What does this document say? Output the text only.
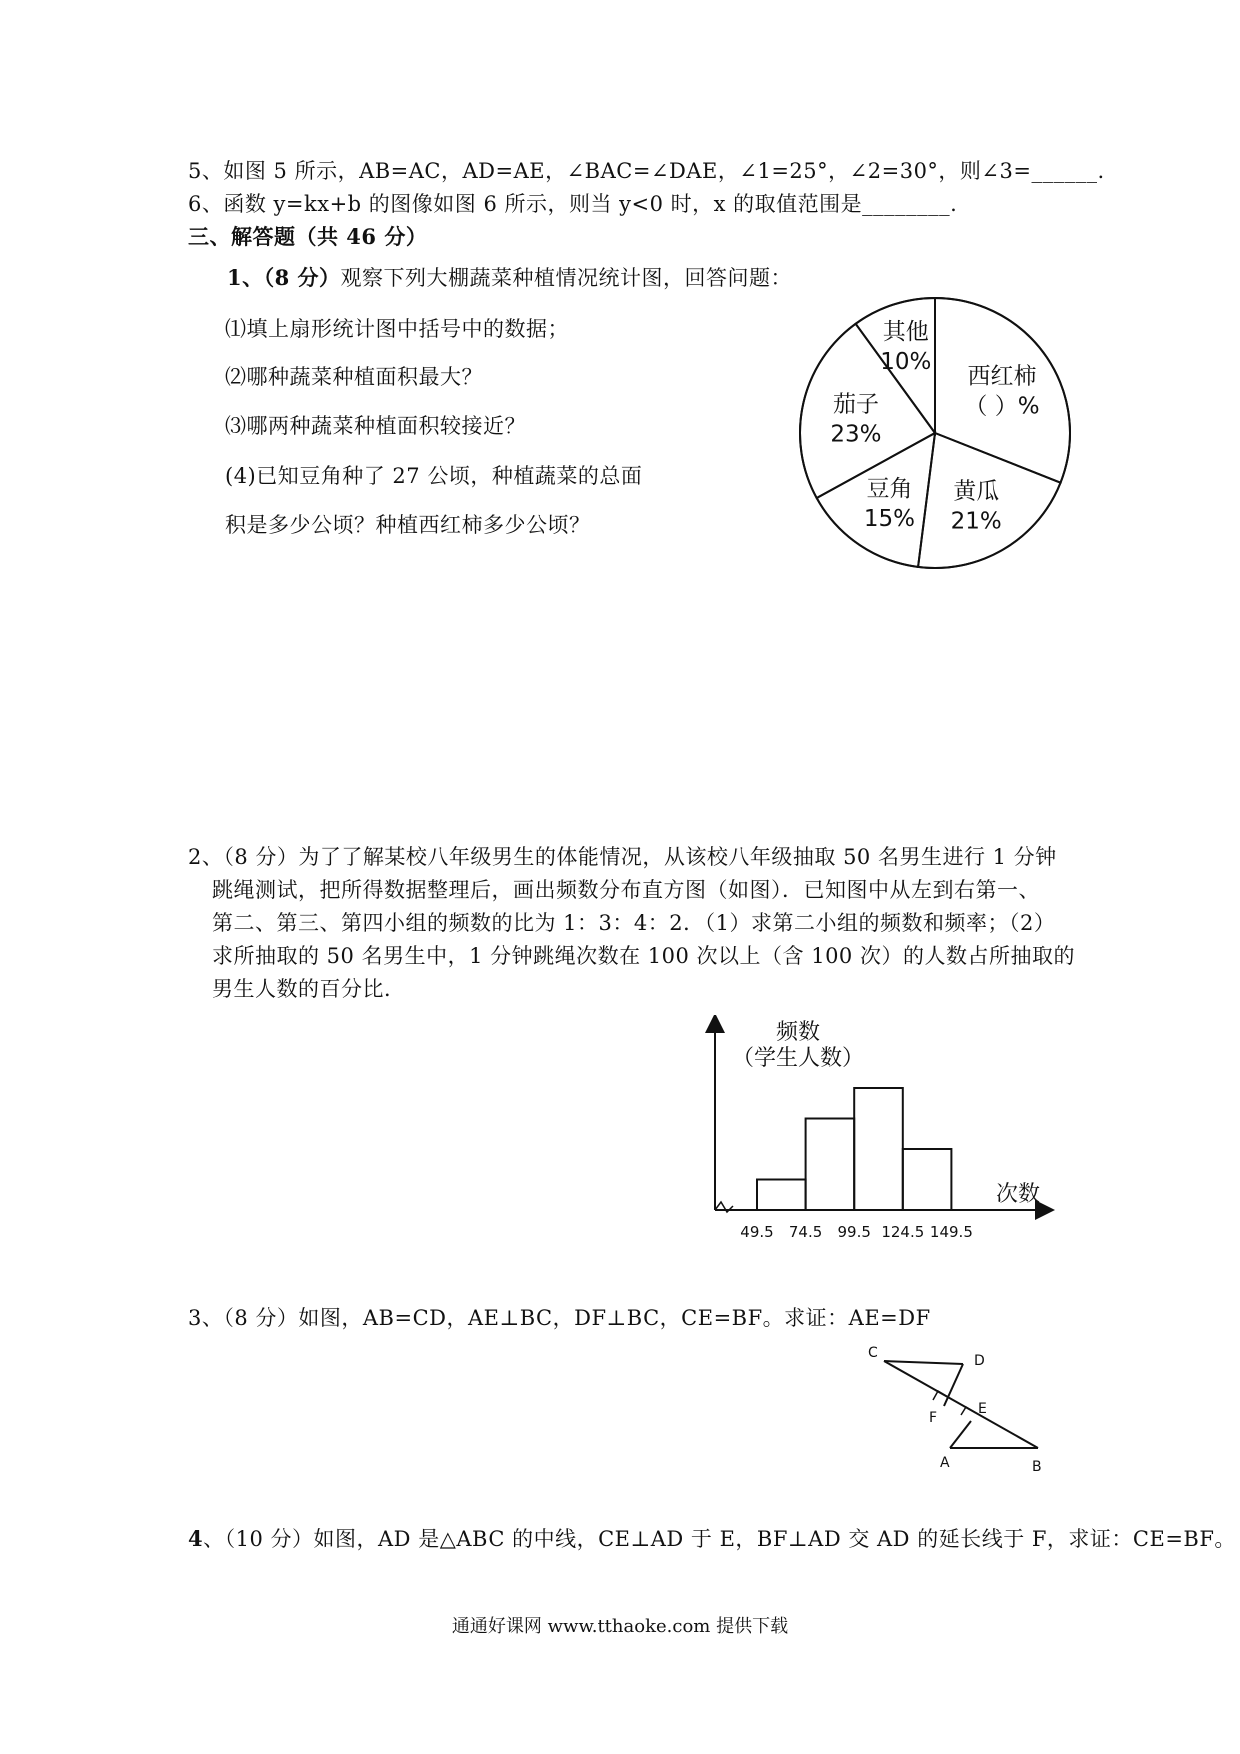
5、如图 5 所示，AB=AC，AD=AE，∠BAC=∠DAE，∠1=25°，∠2=30°，则∠3=______.
6、函数 y=kx+b 的图像如图 6 所示，则当 y<0 时，x 的取值范围是________.
三、解答题（共 46 分）
1、（8 分）观察下列大棚蔬菜种植情况统计图，回答问题：
⑴填上扇形统计图中括号中的数据；
⑵哪种蔬菜种植面积最大？
⑶哪两种蔬菜种植面积较接近？
(4)已知豆角种了 27 公顷，种植蔬菜的总面
积是多少公顷？种植西红柿多少公顷？
西红柿
（ ）%
黄瓜
21%
豆角
15%
茄子
23%
其他
10%
2、（8 分）为了了解某校八年级男生的体能情况，从该校八年级抽取 50 名男生进行 1 分钟
跳绳测试，把所得数据整理后，画出频数分布直方图（如图）．已知图中从左到右第一、
第二、第三、第四小组的频数的比为 1：3：4：2．（1）求第二小组的频数和频率；（2）
求所抽取的 50 名男生中，1 分钟跳绳次数在 100 次以上（含 100 次）的人数占所抽取的
男生人数的百分比．
频数
（学生人数）
次数
49.5 74.5 99.5 124.5 149.5
3、（8 分）如图，AB=CD，AE⊥BC，DF⊥BC，CE=BF。求证：AE=DF
C	D
F
E
A	B
4、（10 分）如图，AD 是△ABC 的中线，CE⊥AD 于 E，BF⊥AD 交 AD 的延长线于 F，求证：CE=BF。
通通好课网 www.tthaoke.com 提供下载
